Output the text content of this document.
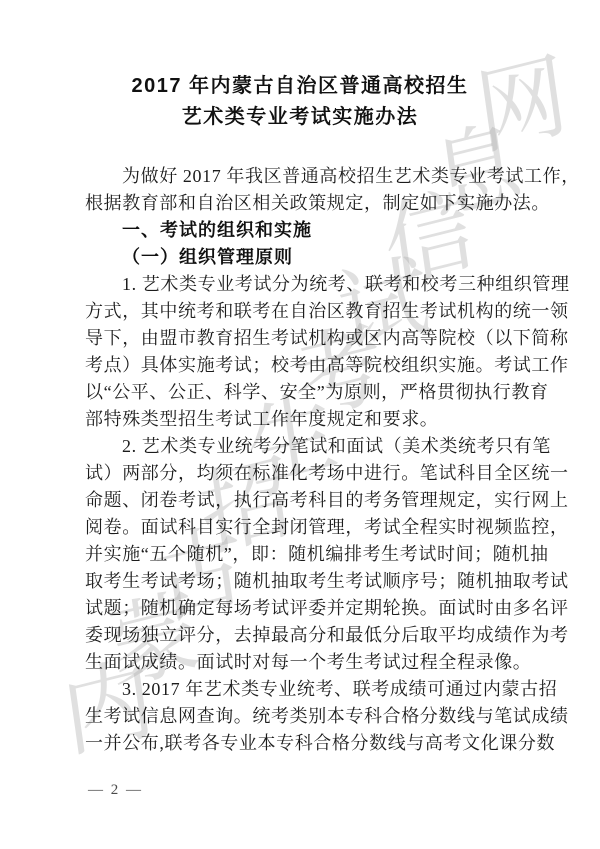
内
蒙
古
招
生
考
试
信
息
网
2017 年内蒙古自治区普通高校招生
艺术类专业考试实施办法
为做好 2017 年我区普通高校招生艺术类专业考试工作，
根据教育部和自治区相关政策规定，制定如下实施办法。
一、考试的组织和实施
（一）组织管理原则
1. 艺术类专业考试分为统考、联考和校考三种组织管理
方式，其中统考和联考在自治区教育招生考试机构的统一领
导下，由盟市教育招生考试机构或区内高等院校（以下简称
考点）具体实施考试；校考由高等院校组织实施。考试工作
以“公平、公正、科学、安全”为原则，严格贯彻执行教育
部特殊类型招生考试工作年度规定和要求。
2. 艺术类专业统考分笔试和面试（美术类统考只有笔
试）两部分，均须在标准化考场中进行。笔试科目全区统一
命题、闭卷考试，执行高考科目的考务管理规定，实行网上
阅卷。面试科目实行全封闭管理，考试全程实时视频监控，
并实施“五个随机”，即：随机编排考生考试时间；随机抽
取考生考试考场；随机抽取考生考试顺序号；随机抽取考试
试题；随机确定每场考试评委并定期轮换。面试时由多名评
委现场独立评分，去掉最高分和最低分后取平均成绩作为考
生面试成绩。面试时对每一个考生考试过程全程录像。
3. 2017 年艺术类专业统考、联考成绩可通过内蒙古招
生考试信息网查询。统考类别本专科合格分数线与笔试成绩
一并公布,联考各专业本专科合格分数线与高考文化课分数
— 2 —
